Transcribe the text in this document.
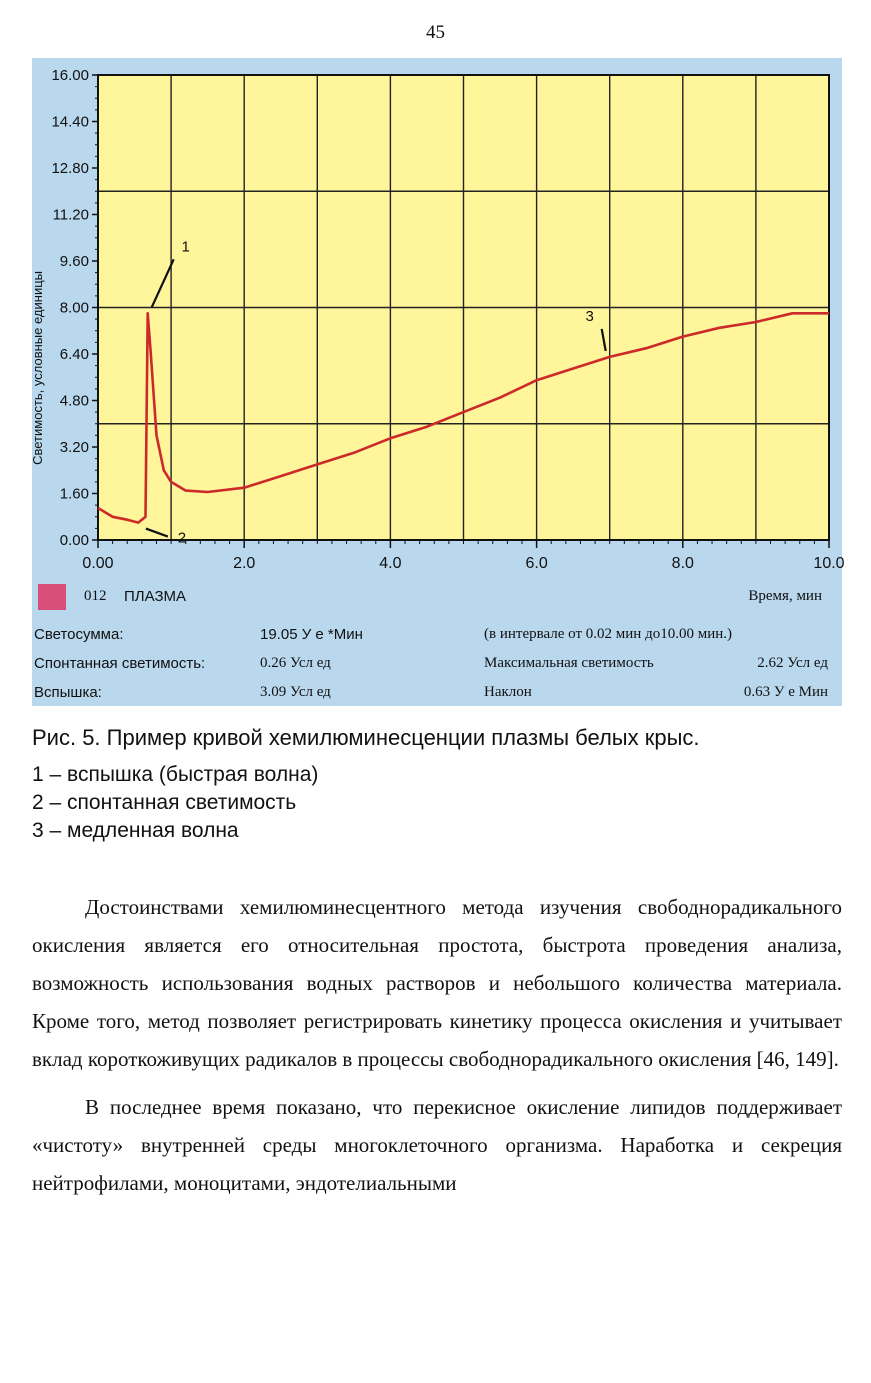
45
0.00
1.60
3.20
4.80
6.40
8.00
9.60
11.20
12.80
14.40
16.00
0.00	2.0	4.0	6.0	8.0	10.0
Светимость, условные единицы
1
2
3
012 ПЛАЗМА	Время, мин
Светосумма:	19.05 У е *Мин	(в интервале от 0.02 мин до10.00 мин.)
Спонтанная светимость:	0.26 Усл ед	Максимальная светимость	2.62 Усл ед
Вспышка:	3.09 Усл ед	Наклон	0.63 У е Мин
Рис. 5. Пример кривой хемилюминесценции плазмы белых крыс.
1 – вспышка (быстрая волна)
2 – спонтанная светимость
3 – медленная волна

Достоинствами хемилюминесцентного метода изучения свободнорадикального окисления является его относительная простота, быстрота проведения анализа, возможность использования водных растворов и небольшого количества материала. Кроме того, метод позволяет регистрировать кинетику процесса окисления и учитывает вклад короткоживущих радикалов в процессы свободнорадикального окисления [46, 149].

В последнее время показано, что перекисное окисление липидов поддерживает «чистоту» внутренней среды многоклеточного организма. Наработка и секреция нейтрофилами, моноцитами, эндотелиальными
